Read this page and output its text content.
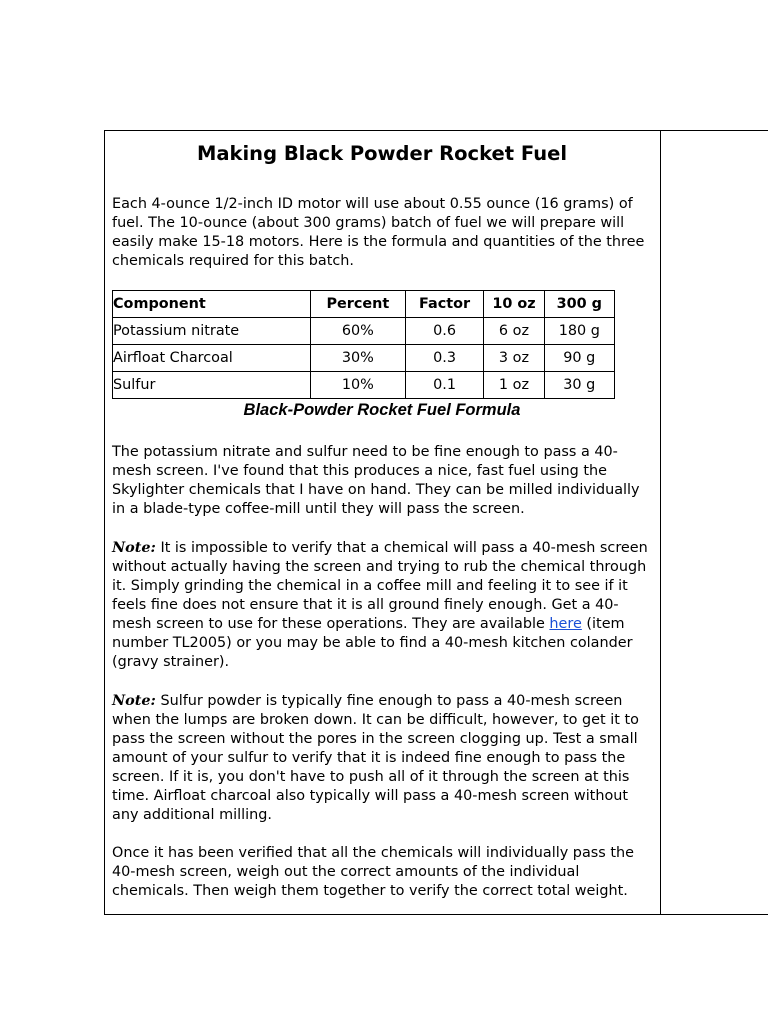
Making Black Powder Rocket Fuel

Each 4-ounce 1/2-inch ID motor will use about 0.55 ounce (16 grams) of fuel. The 10-ounce (about 300 grams) batch of fuel we will prepare will easily make 15-18 motors. Here is the formula and quantities of the three chemicals required for this batch.

Component	Percent	Factor	10 oz	300 g
Potassium nitrate	60%	0.6	6 oz	180 g
Airfloat Charcoal	30%	0.3	3 oz	90 g
Sulfur	10%	0.1	1 oz	30 g
Black-Powder Rocket Fuel Formula

The potassium nitrate and sulfur need to be fine enough to pass a 40-mesh screen. I've found that this produces a nice, fast fuel using the Skylighter chemicals that I have on hand. They can be milled individually in a blade-type coffee-mill until they will pass the screen.

Note: It is impossible to verify that a chemical will pass a 40-mesh screen without actually having the screen and trying to rub the chemical through it. Simply grinding the chemical in a coffee mill and feeling it to see if it feels fine does not ensure that it is all ground finely enough. Get a 40-mesh screen to use for these operations. They are available here (item number TL2005) or you may be able to find a 40-mesh kitchen colander (gravy strainer).

Note: Sulfur powder is typically fine enough to pass a 40-mesh screen when the lumps are broken down. It can be difficult, however, to get it to pass the screen without the pores in the screen clogging up. Test a small amount of your sulfur to verify that it is indeed fine enough to pass the screen. If it is, you don't have to push all of it through the screen at this time. Airfloat charcoal also typically will pass a 40-mesh screen without any additional milling.

Once it has been verified that all the chemicals will individually pass the 40-mesh screen, weigh out the correct amounts of the individual chemicals. Then weigh them together to verify the correct total weight.
